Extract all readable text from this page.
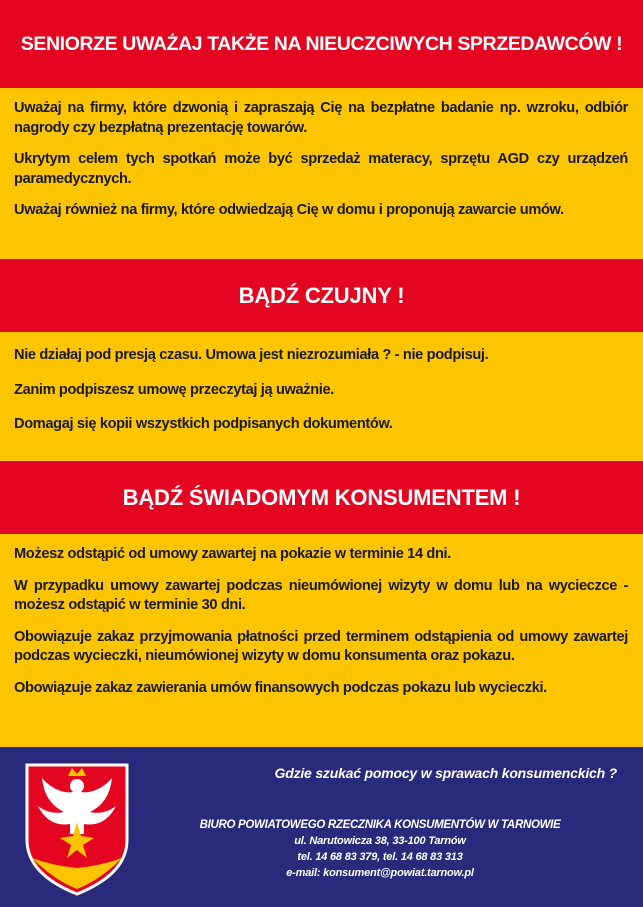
SENIORZE UWAŻAJ TAKŻE NA NIEUCZCIWYCH SPRZEDAWCÓW !

Uważaj na firmy, które dzwonią i zapraszają Cię na bezpłatne badanie np. wzroku, odbiór nagrody czy bezpłatną prezentację towarów.

Ukrytym celem tych spotkań może być sprzedaż materacy, sprzętu AGD czy urządzeń paramedycznych.

Uważaj również na firmy, które odwiedzają Cię w domu i proponują zawarcie umów.

BĄDŹ CZUJNY !

Nie działaj pod presją czasu. Umowa jest niezrozumiała ? - nie podpisuj.

Zanim podpiszesz umowę przeczytaj ją uważnie.

Domagaj się kopii wszystkich podpisanych dokumentów.

BĄDŹ ŚWIADOMYM KONSUMENTEM !

Możesz odstąpić od umowy zawartej na pokazie w terminie 14 dni.

W przypadku umowy zawartej podczas nieumówionej wizyty w domu lub na wycieczce - możesz odstąpić w terminie 30 dni.

Obowiązuje zakaz przyjmowania płatności przed terminem odstąpienia od umowy zawartej podczas wycieczki, nieumówionej wizyty w domu konsumenta oraz pokazu.

Obowiązuje zakaz zawierania umów finansowych podczas pokazu lub wycieczki.

Gdzie szukać pomocy w sprawach konsumenckich ?
BIURO POWIATOWEGO RZECZNIKA KONSUMENTÓW W TARNOWIE
ul. Narutowicza 38, 33-100 Tarnów
tel. 14 68 83 379, tel. 14 68 83 313
e-mail: konsument@powiat.tarnow.pl
